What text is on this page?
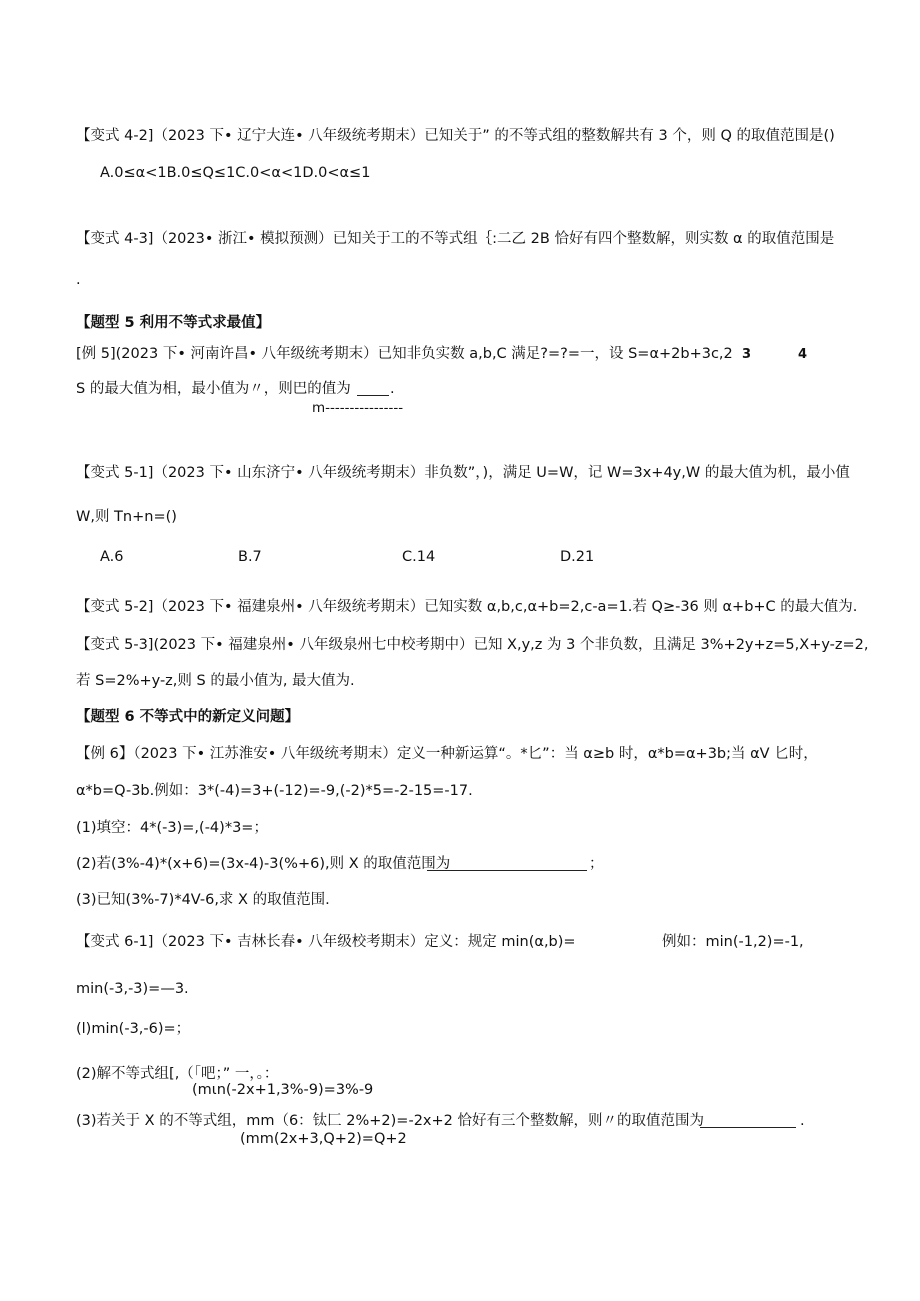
【变式 4-2]（2023 下• 辽宁大连• 八年级统考期末）已知关于” 的不等式组的整数解共有 3 个，则 Q 的取值范围是()
A.0≤α<1B.0≤Q≤1C.0<α<1D.0<α≤1
【变式 4-3]（2023• 浙江• 模拟预测）已知关于工的不等式组｛:二乙 2B 恰好有四个整数解，则实数 α 的取值范围是
.
【题型 5 利用不等式求最值】
[例 5](2023 下• 河南许昌• 八年级统考期末）已知非负实数 a,b,C 满足?=?=一，设 S=α+2b+3c,2 3	4
S 的最大值为相，最小值为〃，则巴的值为	.
m----------------
【变式 5-1]（2023 下• 山东济宁• 八年级统考期末）非负数”，)，满足 U=W，记 W=3x+4y,W 的最大值为机，最小值
W,则 Tn+n=()
A.6	B.7	C.14	D.21
【变式 5-2]（2023 下• 福建泉州• 八年级统考期末）已知实数 α,b,c,α+b=2,c-a=1.若 Q≥-36 则 α+b+C 的最大值为.
【变式 5-3](2023 下• 福建泉州• 八年级泉州七中校考期中）已知 X,y,z 为 3 个非负数，且满足 3%+2y+z=5,X+y-z=2,
若 S=2%+y-z,则 S 的最小值为, 最大值为.
【题型 6 不等式中的新定义问题】
【例 6】（2023 下• 江苏淮安• 八年级统考期末）定义一种新运算“。*匕”：当 α≥b 时，α*b=α+3b;当 αV 匕时，
α*b=Q-3b.例如：3*(-4)=3+(-12)=-9,(-2)*5=-2-15=-17.
(1)填空：4*(-3)=,(-4)*3=；
(2)若(3%-4)*(x+6)=(3x-4)-3(%+6),则 X 的取值范围为	；
(3)已知(3%-7)*4V-6,求 X 的取值范围.
【变式 6-1]（2023 下• 吉林长春• 八年级校考期末）定义：规定 min(α,b)=	例如：min(-1,2)=-1,
min(-3,-3)=—3.
(l)min(-3,-6)=；
(2)解不等式组[,（「吧；” 一，。：
(mιn(-2x+1,3%-9)=3%-9
(3)若关于 X 的不等式组，mm（6：钛匚 2%+2)=-2x+2 恰好有三个整数解，则〃的取值范围为	.
(mm(2x+3,Q+2)=Q+2
